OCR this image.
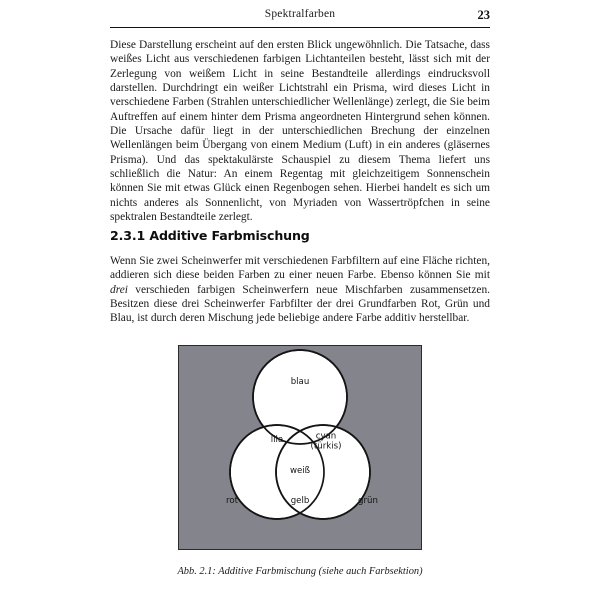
Spektralfarben	23

Diese Darstellung erscheint auf den ersten Blick ungewöhnlich. Die Tatsache, dass weißes Licht aus verschiedenen farbigen Lichtanteilen besteht, lässt sich mit der Zerlegung von weißem Licht in seine Bestandteile allerdings eindrucksvoll darstellen. Durchdringt ein weißer Lichtstrahl ein Prisma, wird dieses Licht in verschiedene Farben (Strahlen unterschiedlicher Wellenlänge) zerlegt, die Sie beim Auftreffen auf einem hinter dem Prisma angeordneten Hintergrund sehen können. Die Ursache dafür liegt in der unterschiedlichen Brechung der einzelnen Wellenlängen beim Übergang von einem Medium (Luft) in ein anderes (gläsernes Prisma). Und das spektakulärste Schauspiel zu diesem Thema liefert uns schließlich die Natur: An einem Regentag mit gleichzeitigem Sonnenschein können Sie mit etwas Glück einen Regenbogen sehen. Hierbei handelt es sich um nichts anderes als Sonnenlicht, von Myriaden von Wassertröpfchen in seine spektralen Bestandteile zerlegt.

2.3.1 Additive Farbmischung

Wenn Sie zwei Scheinwerfer mit verschiedenen Farbfiltern auf eine Fläche richten, addieren sich diese beiden Farben zu einer neuen Farbe. Ebenso können Sie mit drei verschieden farbigen Scheinwerfern neue Mischfarben zusammensetzen. Besitzen diese drei Scheinwerfer Farbfilter der drei Grundfarben Rot, Grün und Blau, ist durch deren Mischung jede beliebige andere Farbe additiv herstellbar.

blau
rot	grün
lila	cyan
(türkis)
weiß
gelb
Abb. 2.1: Additive Farbmischung (siehe auch Farbsektion)
